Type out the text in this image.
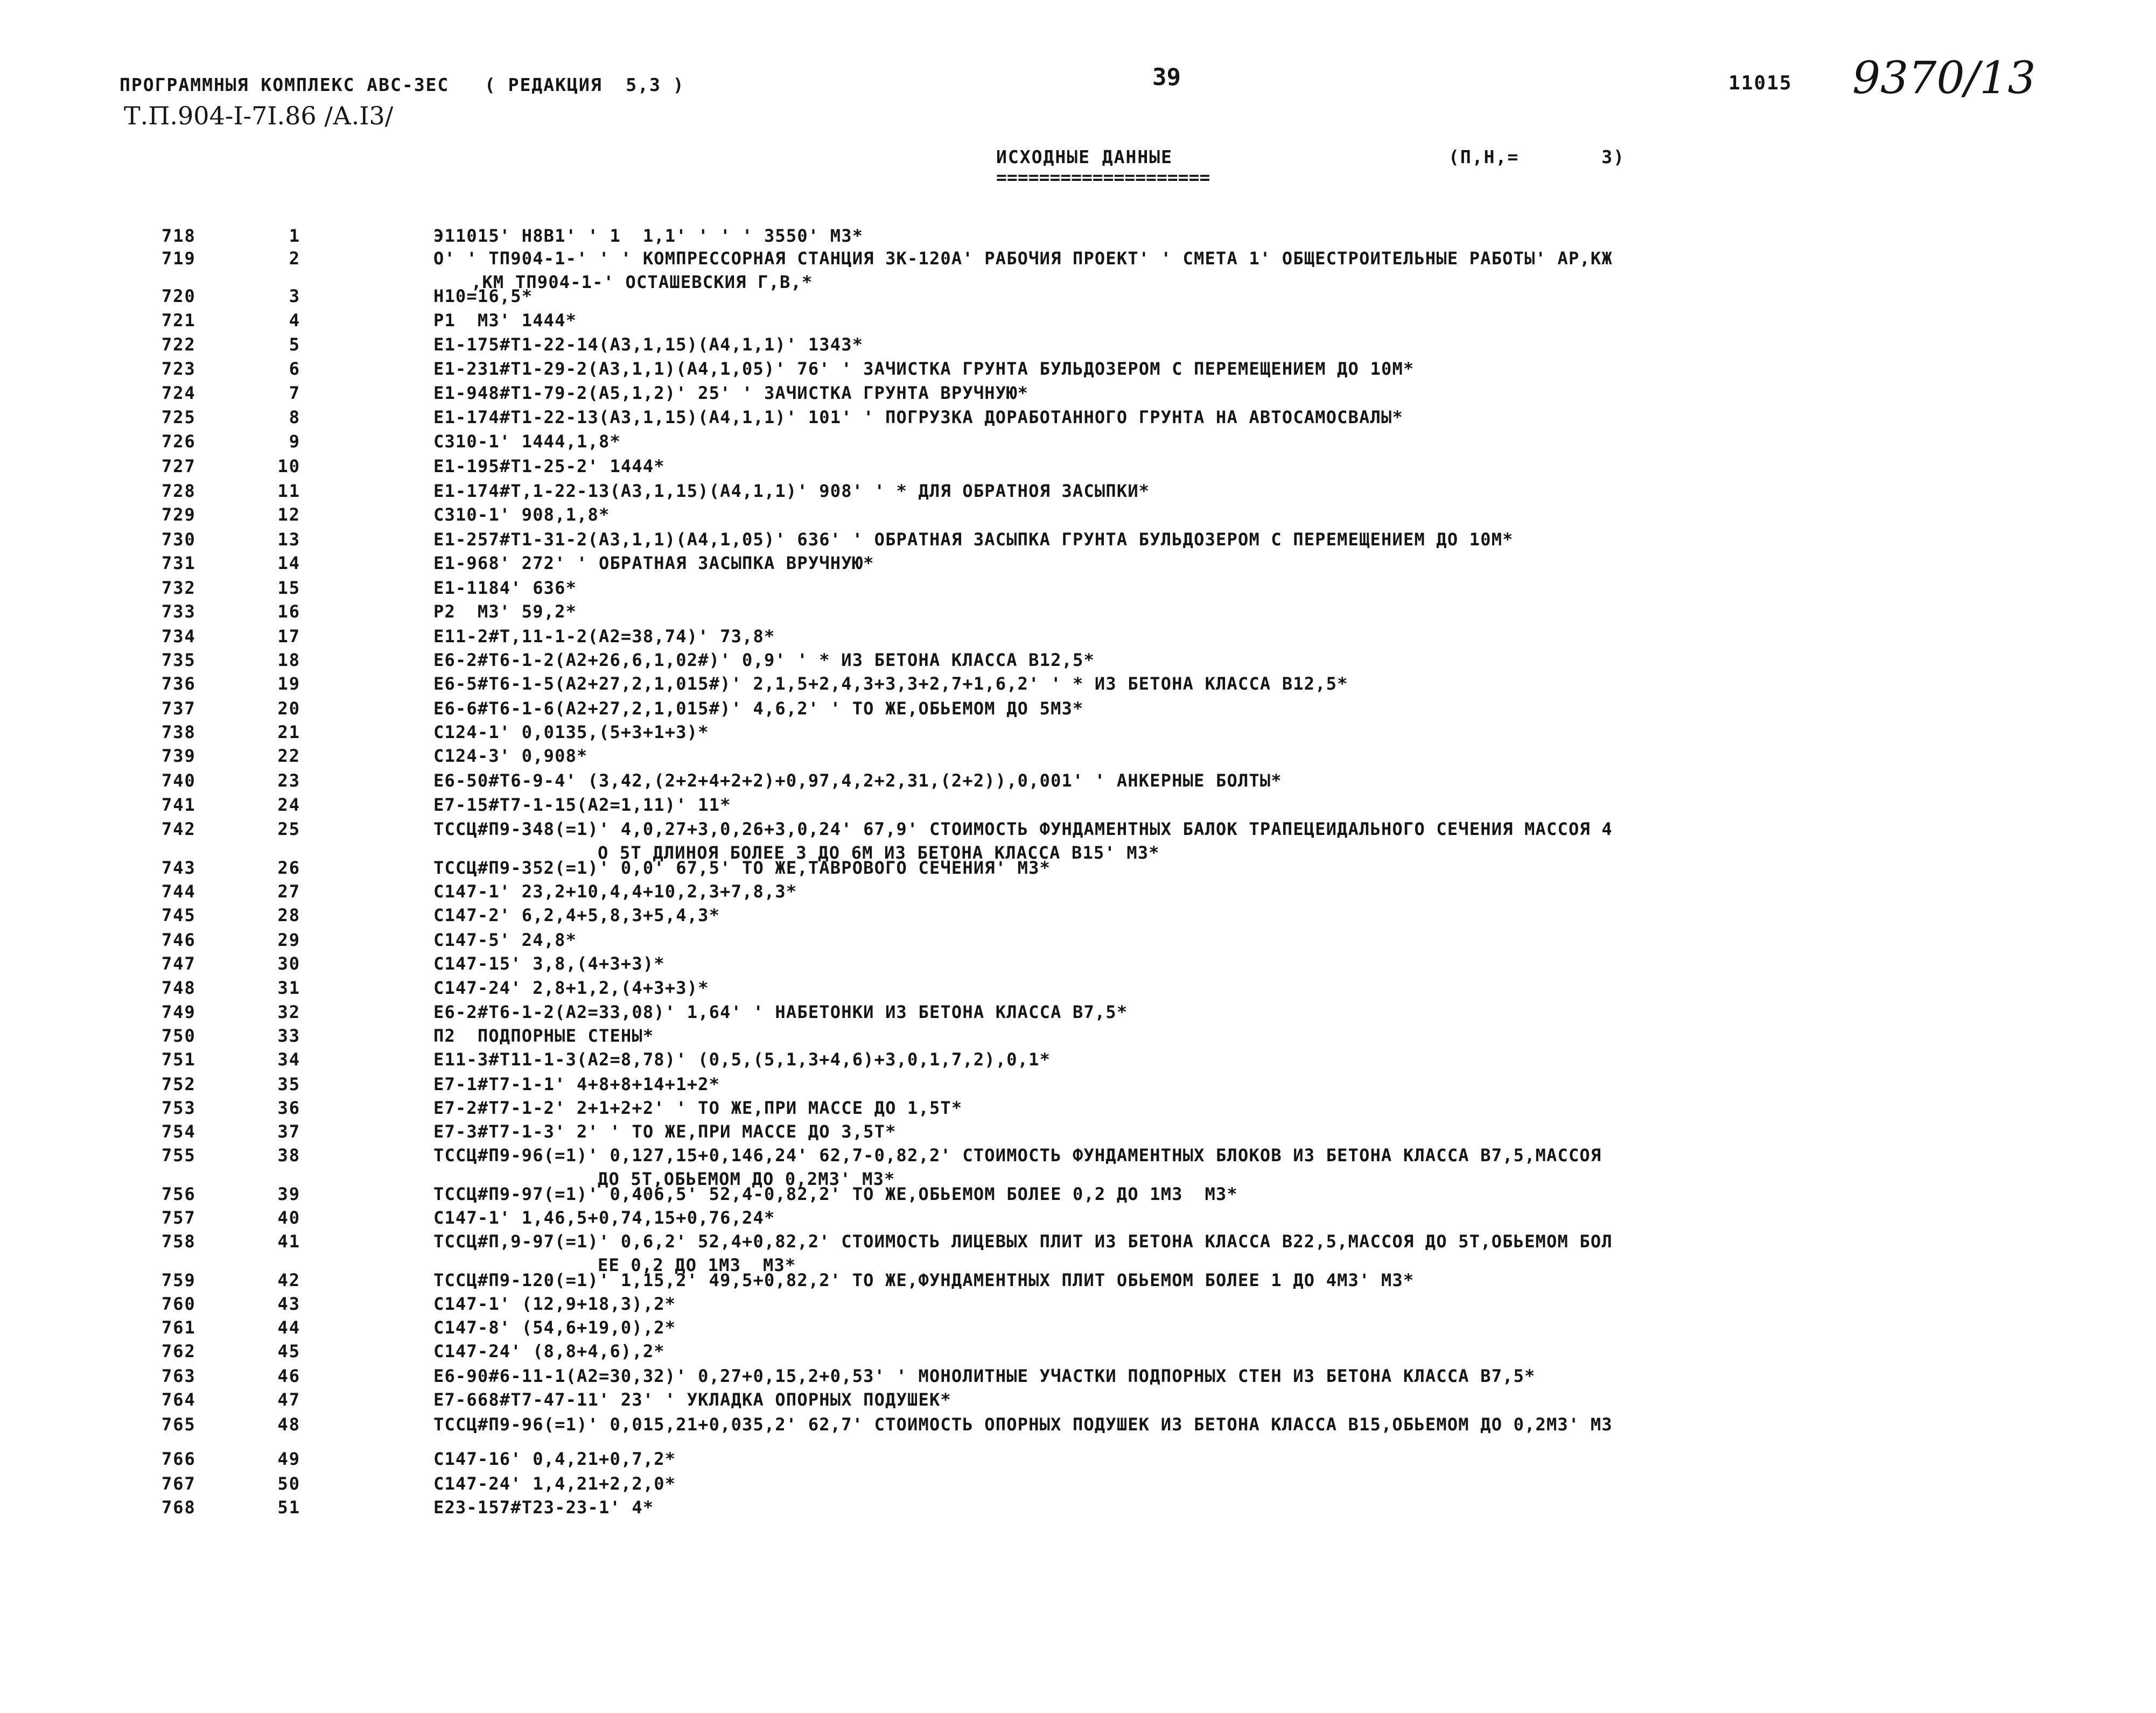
ПРОГРАММНЫЯ КОМПЛЕКС АВС-3ЕС   ( РЕДАКЦИЯ  5,3 )
Т.П.904-I-7I.86 /А.I3/
39	11015 9370/13
ИСХОДНЫЕ ДАННЫЕ	(П,Н,=       3)
====================
718	1	Э11015' Н8В1' ' 1  1,1' ' ' ' 3550' М3*
719	2	О' ' ТП904-1-' ' ' КОМПРЕССОРНАЯ СТАНЦИЯ 3К-120А' РАБОЧИЯ ПРОЕКТ' ' СМЕТА 1' ОБЩЕСТРОИТЕЛЬНЫЕ РАБОТЫ' АР,КЖ
,КМ ТП904-1-' ОСТАШЕВСКИЯ Г,В,*
720	3	Н10=16,5*
721	4	Р1  М3' 1444*
722	5	Е1-175#Т1-22-14(А3,1,15)(А4,1,1)' 1343*
723	6	Е1-231#Т1-29-2(А3,1,1)(А4,1,05)' 76' ' ЗАЧИСТКА ГРУНТА БУЛЬДОЗЕРОМ С ПЕРЕМЕЩЕНИЕМ ДО 10М*
724	7	Е1-948#Т1-79-2(А5,1,2)' 25' ' ЗАЧИСТКА ГРУНТА ВРУЧНУЮ*
725	8	Е1-174#Т1-22-13(А3,1,15)(А4,1,1)' 101' ' ПОГРУЗКА ДОРАБОТАННОГО ГРУНТА НА АВТОСАМОСВАЛЫ*
726	9	С310-1' 1444,1,8*
727	10	Е1-195#Т1-25-2' 1444*
728	11	Е1-174#Т,1-22-13(А3,1,15)(А4,1,1)' 908' ' * ДЛЯ ОБРАТНОЯ ЗАСЫПКИ*
729	12	С310-1' 908,1,8*
730	13	Е1-257#Т1-31-2(А3,1,1)(А4,1,05)' 636' ' ОБРАТНАЯ ЗАСЫПКА ГРУНТА БУЛЬДОЗЕРОМ С ПЕРЕМЕЩЕНИЕМ ДО 10М*
731	14	Е1-968' 272' ' ОБРАТНАЯ ЗАСЫПКА ВРУЧНУЮ*
732	15	Е1-1184' 636*
733	16	Р2  М3' 59,2*
734	17	Е11-2#Т,11-1-2(А2=38,74)' 73,8*
735	18	Е6-2#Т6-1-2(А2+26,6,1,02#)' 0,9' ' * ИЗ БЕТОНА КЛАССА В12,5*
736	19	Е6-5#Т6-1-5(А2+27,2,1,015#)' 2,1,5+2,4,3+3,3+2,7+1,6,2' ' * ИЗ БЕТОНА КЛАССА В12,5*
737	20	Е6-6#Т6-1-6(А2+27,2,1,015#)' 4,6,2' ' ТО ЖЕ,ОБЬЕМОМ ДО 5М3*
738	21	С124-1' 0,0135,(5+3+1+3)*
739	22	С124-3' 0,908*
740	23	Е6-50#Т6-9-4' (3,42,(2+2+4+2+2)+0,97,4,2+2,31,(2+2)),0,001' ' АНКЕРНЫЕ БОЛТЫ*
741	24	Е7-15#Т7-1-15(А2=1,11)' 11*
742	25	ТССЦ#П9-348(=1)' 4,0,27+3,0,26+3,0,24' 67,9' СТОИМОСТЬ ФУНДАМЕНТНЫХ БАЛОК ТРАПЕЦЕИДАЛЬНОГО СЕЧЕНИЯ МАССОЯ 4
О 5Т ДЛИНОЯ БОЛЕЕ 3 ДО 6М ИЗ БЕТОНА КЛАССА В15' М3*
743	26	ТССЦ#П9-352(=1)' 0,0' 67,5' ТО ЖЕ,ТАВРОВОГО СЕЧЕНИЯ' М3*
744	27	С147-1' 23,2+10,4,4+10,2,3+7,8,3*
745	28	С147-2' 6,2,4+5,8,3+5,4,3*
746	29	С147-5' 24,8*
747	30	С147-15' 3,8,(4+3+3)*
748	31	С147-24' 2,8+1,2,(4+3+3)*
749	32	Е6-2#Т6-1-2(А2=33,08)' 1,64' ' НАБЕТОНКИ ИЗ БЕТОНА КЛАССА В7,5*
750	33	П2  ПОДПОРНЫЕ СТЕНЫ*
751	34	Е11-3#Т11-1-3(А2=8,78)' (0,5,(5,1,3+4,6)+3,0,1,7,2),0,1*
752	35	Е7-1#Т7-1-1' 4+8+8+14+1+2*
753	36	Е7-2#Т7-1-2' 2+1+2+2' ' ТО ЖЕ,ПРИ МАССЕ ДО 1,5Т*
754	37	Е7-3#Т7-1-3' 2' ' ТО ЖЕ,ПРИ МАССЕ ДО 3,5Т*
755	38	ТССЦ#П9-96(=1)' 0,127,15+0,146,24' 62,7-0,82,2' СТОИМОСТЬ ФУНДАМЕНТНЫХ БЛОКОВ ИЗ БЕТОНА КЛАССА В7,5,МАССОЯ
ДО 5Т,ОБЬЕМОМ ДО 0,2М3' М3*
756	39	ТССЦ#П9-97(=1)' 0,406,5' 52,4-0,82,2' ТО ЖЕ,ОБЬЕМОМ БОЛЕЕ 0,2 ДО 1М3  М3*
757	40	С147-1' 1,46,5+0,74,15+0,76,24*
758	41	ТССЦ#П,9-97(=1)' 0,6,2' 52,4+0,82,2' СТОИМОСТЬ ЛИЦЕВЫХ ПЛИТ ИЗ БЕТОНА КЛАССА В22,5,МАССОЯ ДО 5Т,ОБЬЕМОМ БОЛ
ЕЕ 0,2 ДО 1М3  М3*
759	42	ТССЦ#П9-120(=1)' 1,15,2' 49,5+0,82,2' ТО ЖЕ,ФУНДАМЕНТНЫХ ПЛИТ ОБЬЕМОМ БОЛЕЕ 1 ДО 4М3' М3*
760	43	С147-1' (12,9+18,3),2*
761	44	С147-8' (54,6+19,0),2*
762	45	С147-24' (8,8+4,6),2*
763	46	Е6-90#6-11-1(А2=30,32)' 0,27+0,15,2+0,53' ' МОНОЛИТНЫЕ УЧАСТКИ ПОДПОРНЫХ СТЕН ИЗ БЕТОНА КЛАССА В7,5*
764	47	Е7-668#Т7-47-11' 23' ' УКЛАДКА ОПОРНЫХ ПОДУШЕК*
765	48	ТССЦ#П9-96(=1)' 0,015,21+0,035,2' 62,7' СТОИМОСТЬ ОПОРНЫХ ПОДУШЕК ИЗ БЕТОНА КЛАССА В15,ОБЬЕМОМ ДО 0,2М3' М3
766	49	С147-16' 0,4,21+0,7,2*
767	50	С147-24' 1,4,21+2,2,0*
768	51	Е23-157#Т23-23-1' 4*
